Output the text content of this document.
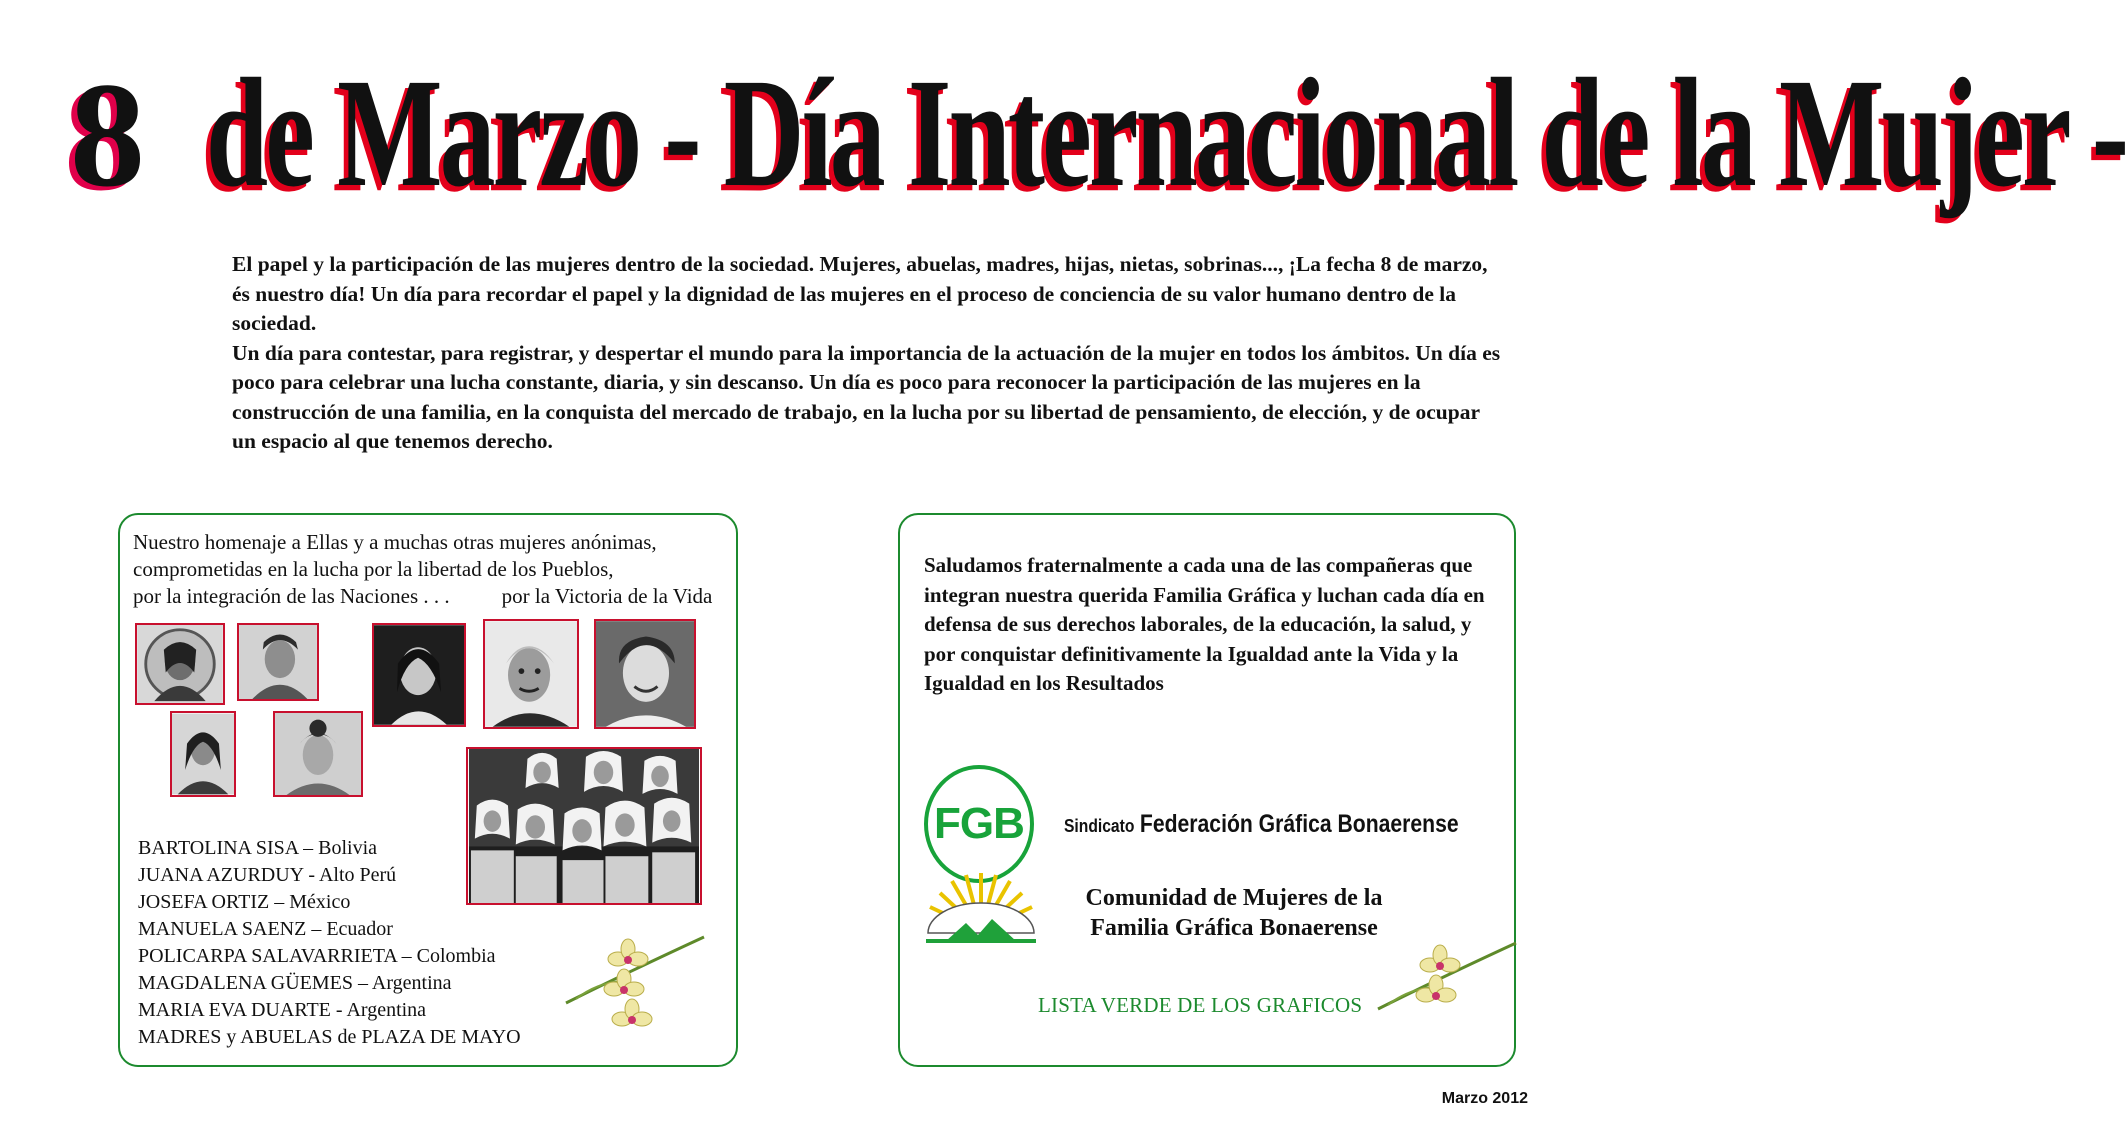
8 de Marzo - Día Internacional de la Mujer -

El papel y la participación de las mujeres dentro de la sociedad. Mujeres, abuelas, madres, hijas, nietas, sobrinas..., ¡La fecha 8 de marzo, és nuestro día! Un día para recordar el papel y la dignidad de las mujeres en el proceso de conciencia de su valor humano dentro de la sociedad.

Un día para contestar, para registrar, y despertar el mundo para la importancia de la actuación de la mujer en todos los ámbitos. Un día es poco para celebrar una lucha constante, diaria, y sin descanso. Un día es poco para reconocer la participación de las mujeres en la construcción de una familia, en la conquista del mercado de trabajo, en la lucha por su libertad de pensamiento, de elección, y de ocupar un espacio al que tenemos derecho.

Nuestro homenaje a Ellas y a muchas otras mujeres anónimas,
comprometidas en la lucha por la libertad de los Pueblos,
por la integración de las Naciones . . . por la Victoria de la Vida
BARTOLINA SISA – Bolivia
JUANA AZURDUY - Alto Perú
JOSEFA ORTIZ – México
MANUELA SAENZ – Ecuador
POLICARPA SALAVARRIETA – Colombia
MAGDALENA GÜEMES – Argentina
MARIA EVA DUARTE - Argentina
MADRES y ABUELAS de PLAZA DE MAYO
Saludamos fraternalmente a cada una de las compañeras que integran nuestra querida Familia Gráfica y luchan cada día en defensa de sus derechos laborales, de la educación, la salud, y por conquistar definitivamente la Igualdad ante la Vida y la Igualdad en los Resultados
FGB Sindicato Federación Gráfica Bonaerense
Comunidad de Mujeres de la
Familia Gráfica Bonaerense
LISTA VERDE DE LOS GRAFICOS
Marzo 2012
